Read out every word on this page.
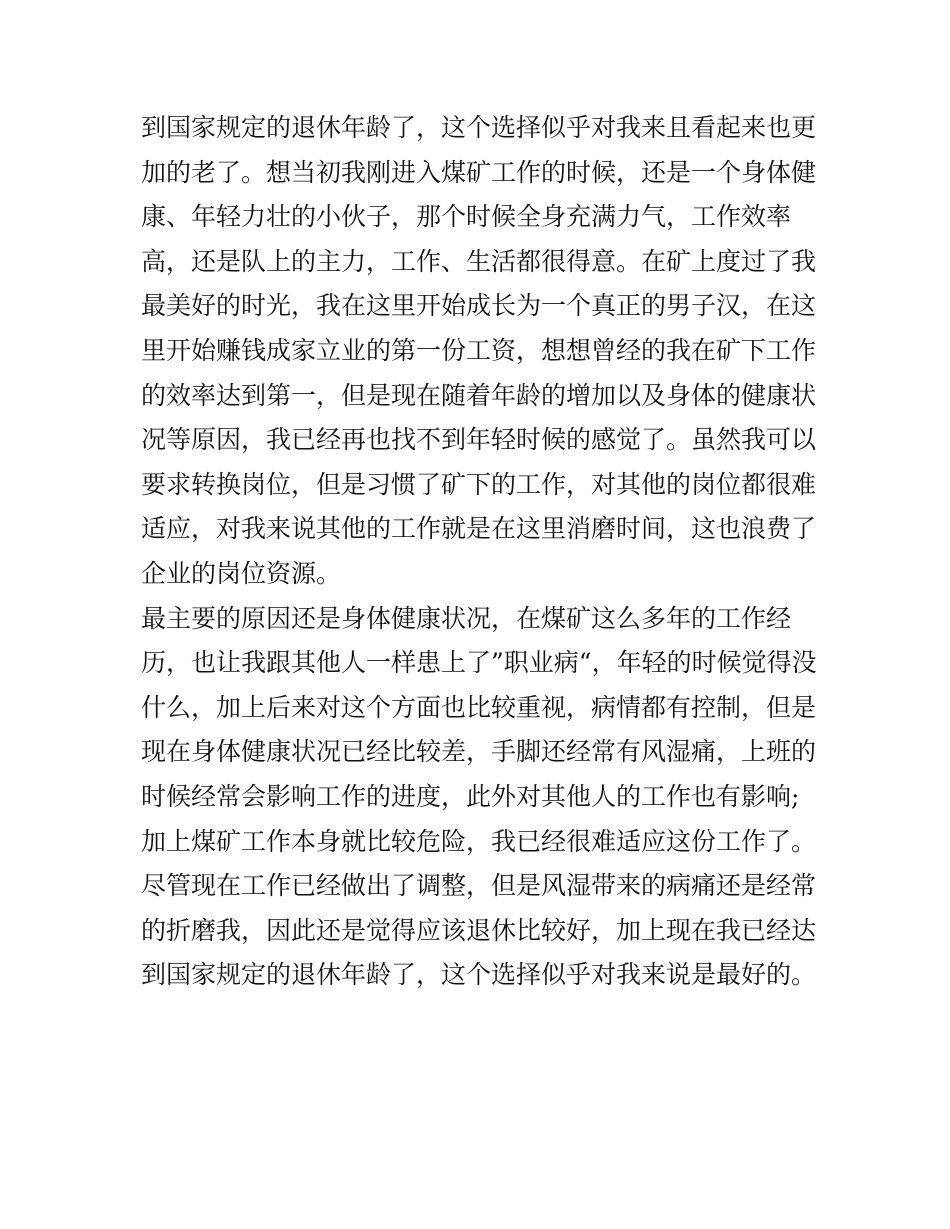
到国家规定的退休年龄了，这个选择似乎对我来且看起来也更
加的老了。想当初我刚进入煤矿工作的时候，还是一个身体健
康、年轻力壮的小伙子，那个时候全身充满力气，工作效率
高，还是队上的主力，工作、生活都很得意。在矿上度过了我
最美好的时光，我在这里开始成长为一个真正的男子汉，在这
里开始赚钱成家立业的第一份工资，想想曾经的我在矿下工作
的效率达到第一，但是现在随着年龄的增加以及身体的健康状
况等原因，我已经再也找不到年轻时候的感觉了。虽然我可以
要求转换岗位，但是习惯了矿下的工作，对其他的岗位都很难
适应，对我来说其他的工作就是在这里消磨时间，这也浪费了
企业的岗位资源。
最主要的原因还是身体健康状况，在煤矿这么多年的工作经
历，也让我跟其他人一样患上了”职业病“，年轻的时候觉得没
什么，加上后来对这个方面也比较重视，病情都有控制，但是
现在身体健康状况已经比较差，手脚还经常有风湿痛，上班的
时候经常会影响工作的进度，此外对其他人的工作也有影响;
加上煤矿工作本身就比较危险，我已经很难适应这份工作了。
尽管现在工作已经做出了调整，但是风湿带来的病痛还是经常
的折磨我，因此还是觉得应该退休比较好，加上现在我已经达
到国家规定的退休年龄了，这个选择似乎对我来说是最好的。
